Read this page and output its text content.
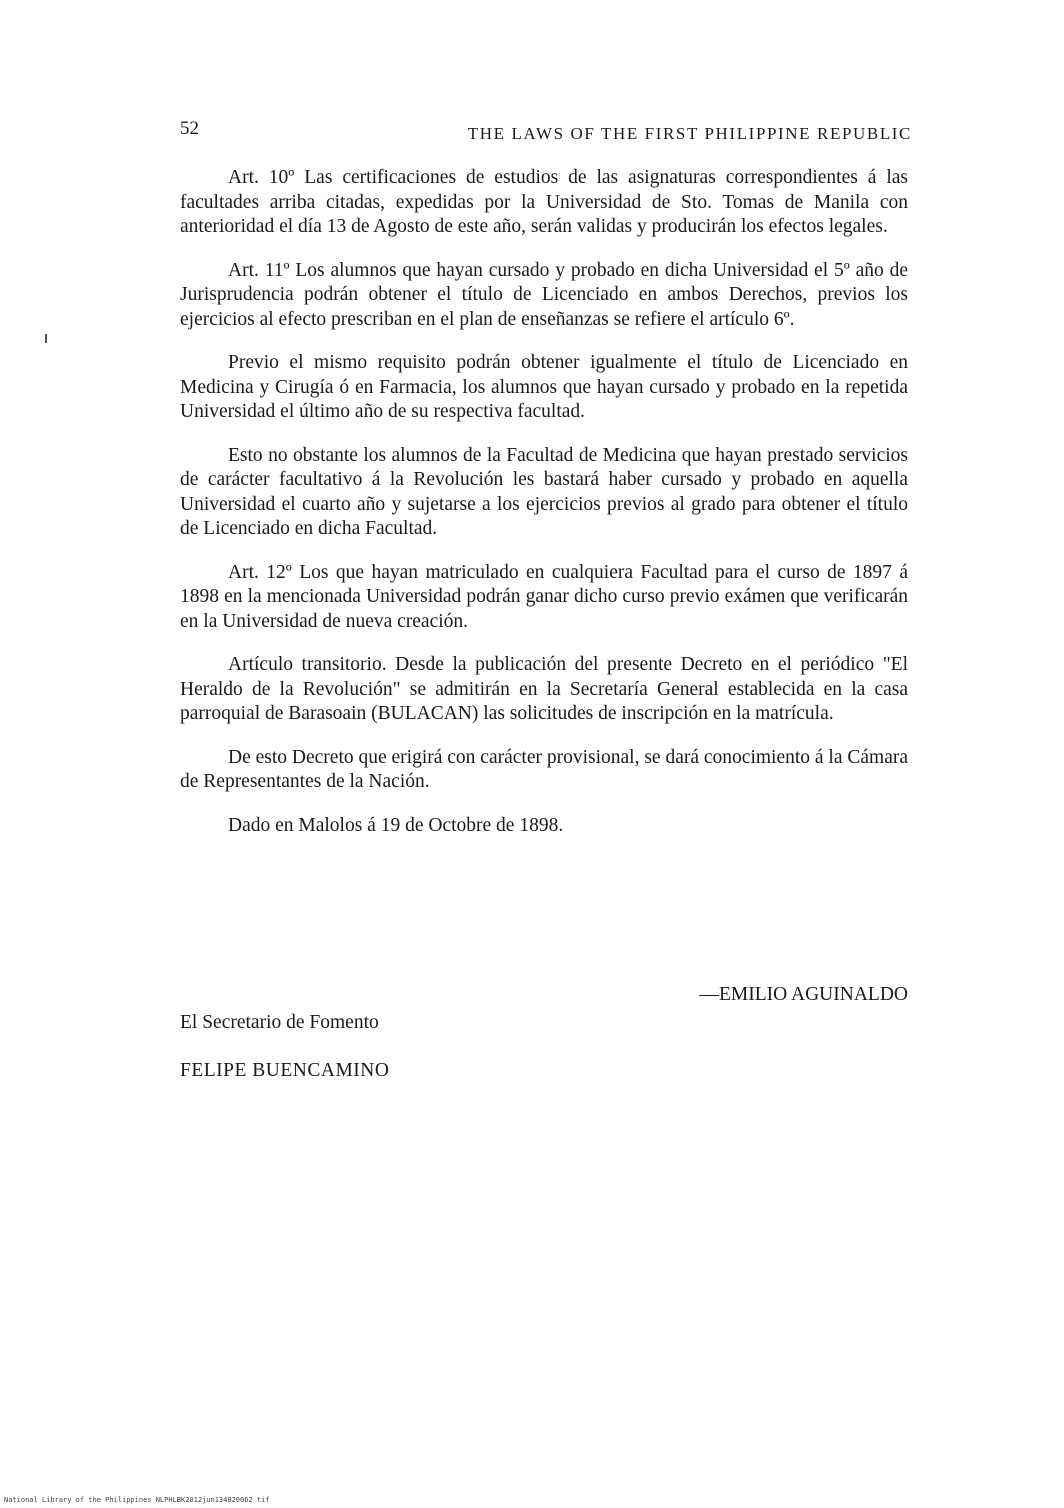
52	THE LAWS OF THE FIRST PHILIPPINE REPUBLIC

Art. 10º Las certificaciones de estudios de las asignaturas correspondientes á las facultades arriba citadas, expedidas por la Universidad de Sto. Tomas de Manila con anterioridad el día 13 de Agosto de este año, serán validas y producirán los efectos legales.

Art. 11º Los alumnos que hayan cursado y probado en dicha Universidad el 5º año de Jurisprudencia podrán obtener el título de Licenciado en ambos Derechos, previos los ejercicios al efecto prescriban en el plan de enseñanzas se refiere el artículo 6º.

Previo el mismo requisito podrán obtener igualmente el título de Licenciado en Medicina y Cirugía ó en Farmacia, los alumnos que hayan cursado y probado en la repetida Universidad el último año de su respectiva facultad.

Esto no obstante los alumnos de la Facultad de Medicina que hayan prestado servicios de carácter facultativo á la Revolución les bastará haber cursado y probado en aquella Universidad el cuarto año y sujetarse a los ejercicios previos al grado para obtener el título de Licenciado en dicha Facultad.

Art. 12º Los que hayan matriculado en cualquiera Facultad para el curso de 1897 á 1898 en la mencionada Universidad podrán ganar dicho curso previo exámen que verificarán en la Universidad de nueva creación.

Artículo transitorio. Desde la publicación del presente Decreto en el periódico "El Heraldo de la Revolución" se admitirán en la Secretaría General establecida en la casa parroquial de Barasoain (BULACAN) las solicitudes de inscripción en la matrícula.

De esto Decreto que erigirá con carácter provisional, se dará conocimiento á la Cámara de Representantes de la Nación.

Dado en Malolos á 19 de Octobre de 1898.

—EMILIO AGUINALDO
El Secretario de Fomento
FELIPE BUENCAMINO
National Library of the Philippines NLPHLBK2012jun134820062 tif
